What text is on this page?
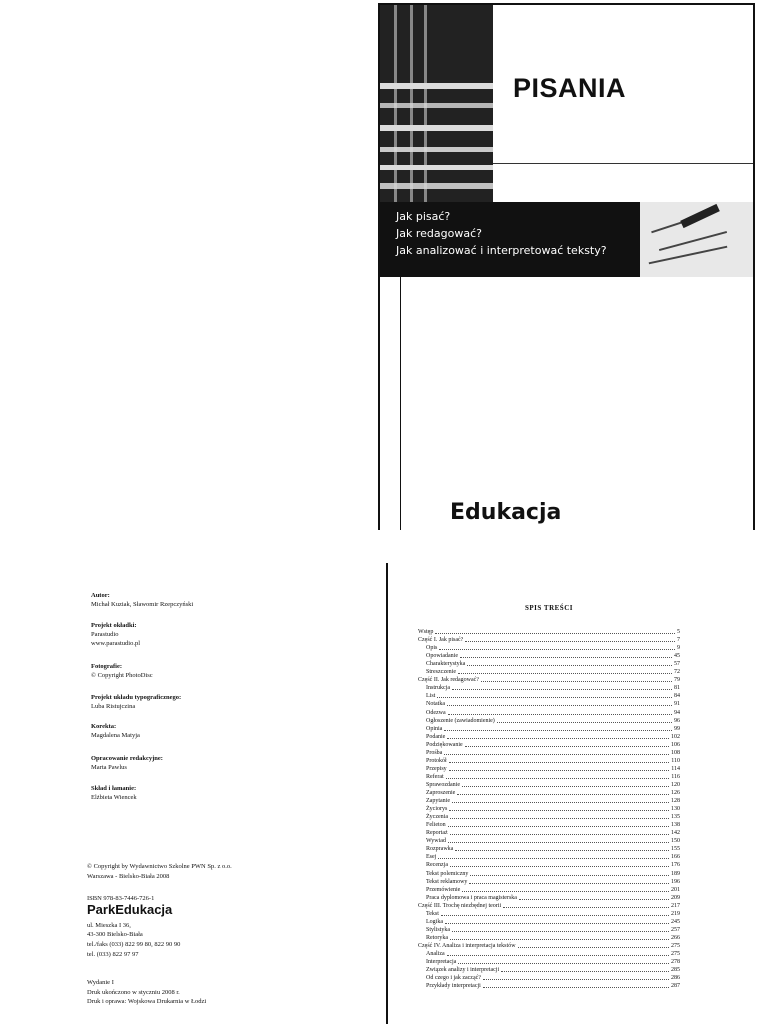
PISANIA
Jak pisać?
Jak redagować?
Jak analizować i interpretować teksty?
Edukacja
Autor:
Michał Kuziak, Sławomir Rzepczyński
Projekt okładki:
Parastudio
www.parastudio.pl
Fotografie:
© Copyright PhotoDisc
Projekt układu typograficznego:
Luba Ristujczina
Korekta:
Magdalena Matyja
Opracowanie redakcyjne:
Marta Pawlus
Skład i łamanie:
Elżbieta Wiencek
© Copyright by Wydawnictwo Szkolne PWN Sp. z o.o.
Warszawa - Bielsko-Biała 2008
ISBN 978-83-7446-726-1
ParkEdukacja
ul. Mieszka I 36,
43-300 Bielsko-Biała
tel./faks (033) 822 99 80, 822 90 90
tel. (033) 822 97 97
Wydanie I
Druk ukończono w styczniu 2008 r.
Druk i oprawa: Wojskowa Drukarnia w Łodzi
SPIS TREŚCI
Wstęp	5
Część I. Jak pisać?	7
Opis	9
Opowiadanie	45
Charakterystyka	57
Streszczenie	72
Część II. Jak redagować?	79
Instrukcja	81
List	84
Notatka	91
Odezwa	94
Ogłoszenie (zawiadomienie)	96
Opinia	99
Podanie	102
Podziękowanie	106
Prośba	108
Protokół	110
Przepisy	114
Referat	116
Sprawozdanie	120
Zaproszenie	126
Zapytanie	128
Życiorys	130
Życzenia	135
Felieton	138
Reportaż	142
Wywiad	150
Rozprawka	155
Esej	166
Recenzja	176
Tekst polemiczny	189
Tekst reklamowy	196
Przemówienie	201
Praca dyplomowa i praca magisterska	209
Część III. Trochę niezbędnej teorii	217
Tekst	219
Logika	245
Stylistyka	257
Retoryka	266
Część IV. Analiza i interpretacja tekstów	275
Analiza	275
Interpretacja	278
Związek analizy i interpretacji	285
Od czego i jak zacząć?	286
Przykłady interpretacji	287
